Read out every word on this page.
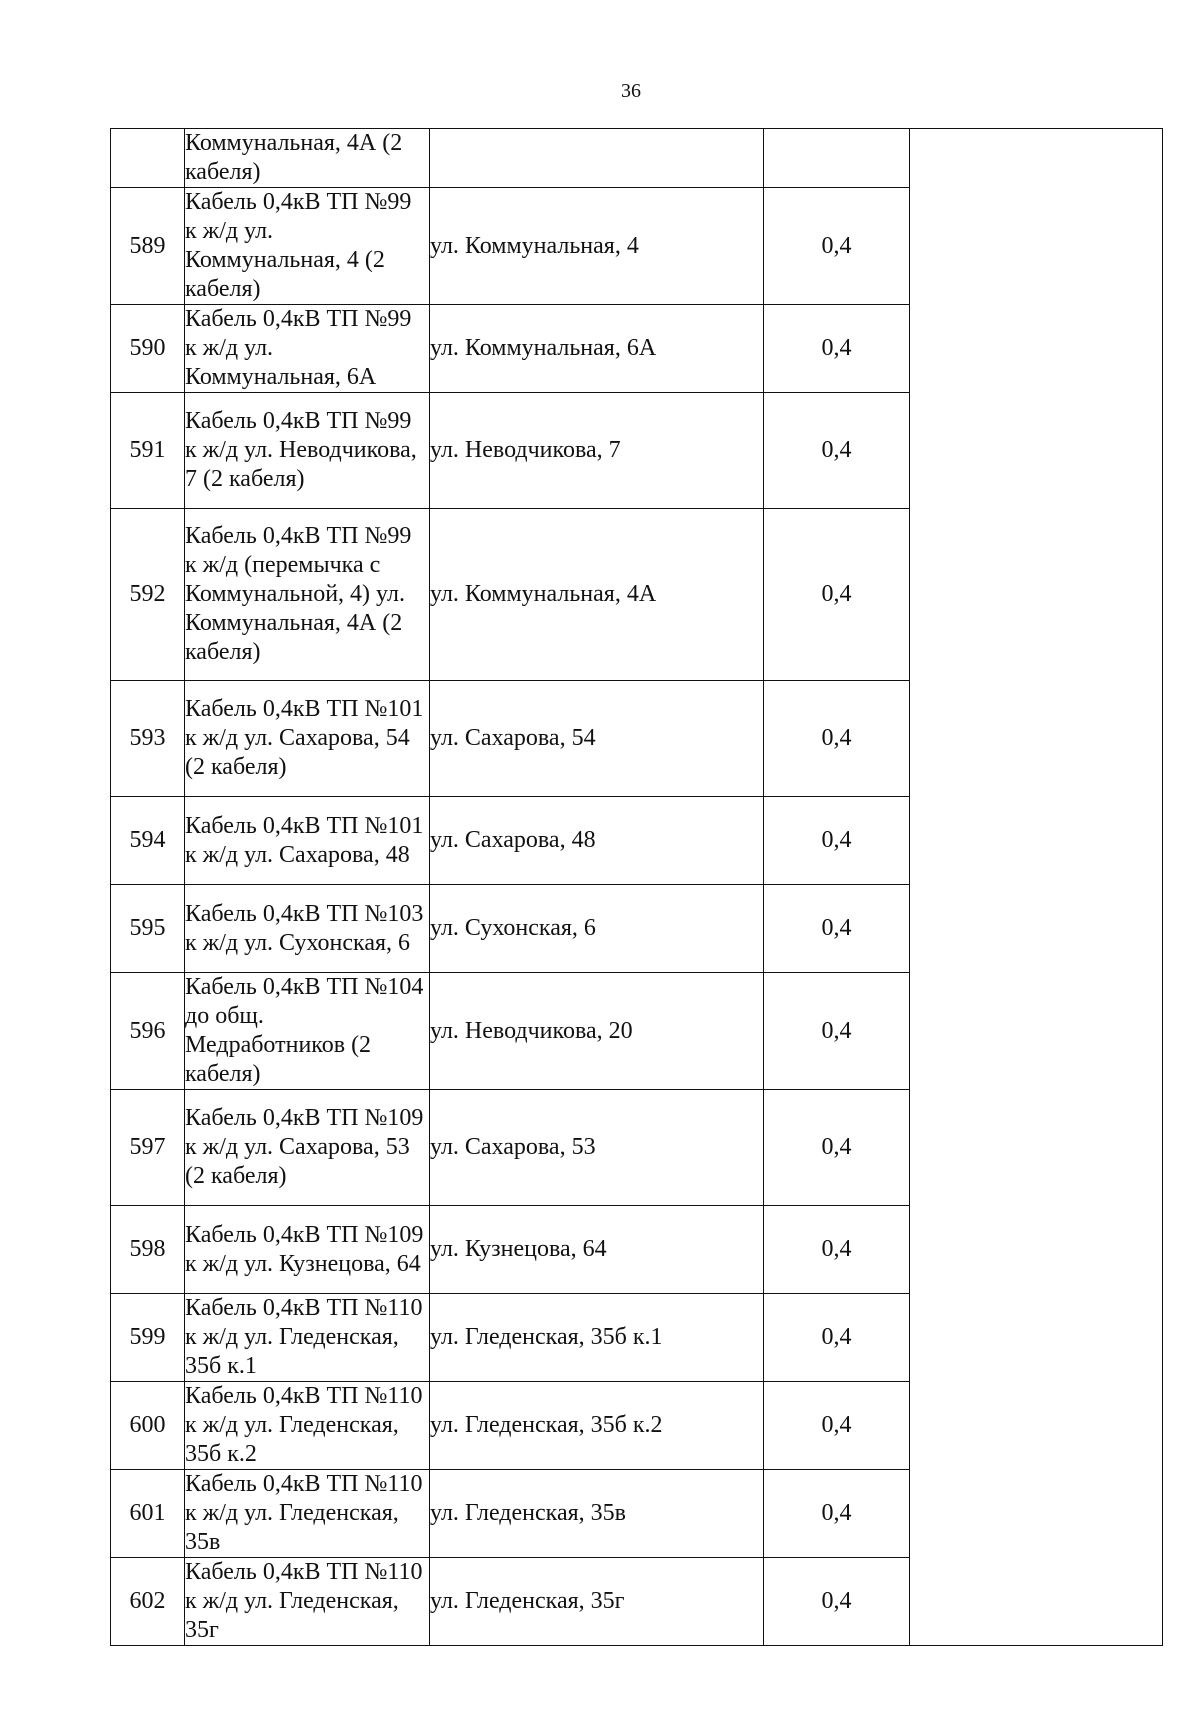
36
	Коммунальная, 4А (2 кабеля)			
589	Кабель 0,4кВ ТП №99 к ж/д ул. Коммунальная, 4 (2 кабеля)	ул. Коммунальная, 4	0,4	
590	Кабель 0,4кВ ТП №99 к ж/д ул. Коммунальная, 6А	ул. Коммунальная, 6А	0,4	
591	Кабель 0,4кВ ТП №99 к ж/д ул. Неводчикова, 7 (2 кабеля)	ул. Неводчикова, 7	0,4	
592	Кабель 0,4кВ ТП №99 к ж/д (перемычка с Коммунальной, 4) ул. Коммунальная, 4А (2 кабеля)	ул. Коммунальная, 4А	0,4	
593	Кабель 0,4кВ ТП №101 к ж/д ул. Сахарова, 54 (2 кабеля)	ул. Сахарова, 54	0,4	
594	Кабель 0,4кВ ТП №101 к ж/д ул. Сахарова, 48	ул. Сахарова, 48	0,4	
595	Кабель 0,4кВ ТП №103 к ж/д ул. Сухонская, 6	ул. Сухонская, 6	0,4	
596	Кабель 0,4кВ ТП №104 до общ. Медработников (2 кабеля)	ул. Неводчикова, 20	0,4	
597	Кабель 0,4кВ ТП №109 к ж/д ул. Сахарова, 53 (2 кабеля)	ул. Сахарова, 53	0,4	
598	Кабель 0,4кВ ТП №109 к ж/д ул. Кузнецова, 64	ул. Кузнецова, 64	0,4	
599	Кабель 0,4кВ ТП №110 к ж/д ул. Гледенская, 35б к.1	ул. Гледенская, 35б к.1	0,4	
600	Кабель 0,4кВ ТП №110 к ж/д ул. Гледенская, 35б к.2	ул. Гледенская, 35б к.2	0,4	
601	Кабель 0,4кВ ТП №110 к ж/д ул. Гледенская, 35в	ул. Гледенская, 35в	0,4	
602	Кабель 0,4кВ ТП №110 к ж/д ул. Гледенская, 35г	ул. Гледенская, 35г	0,4	
